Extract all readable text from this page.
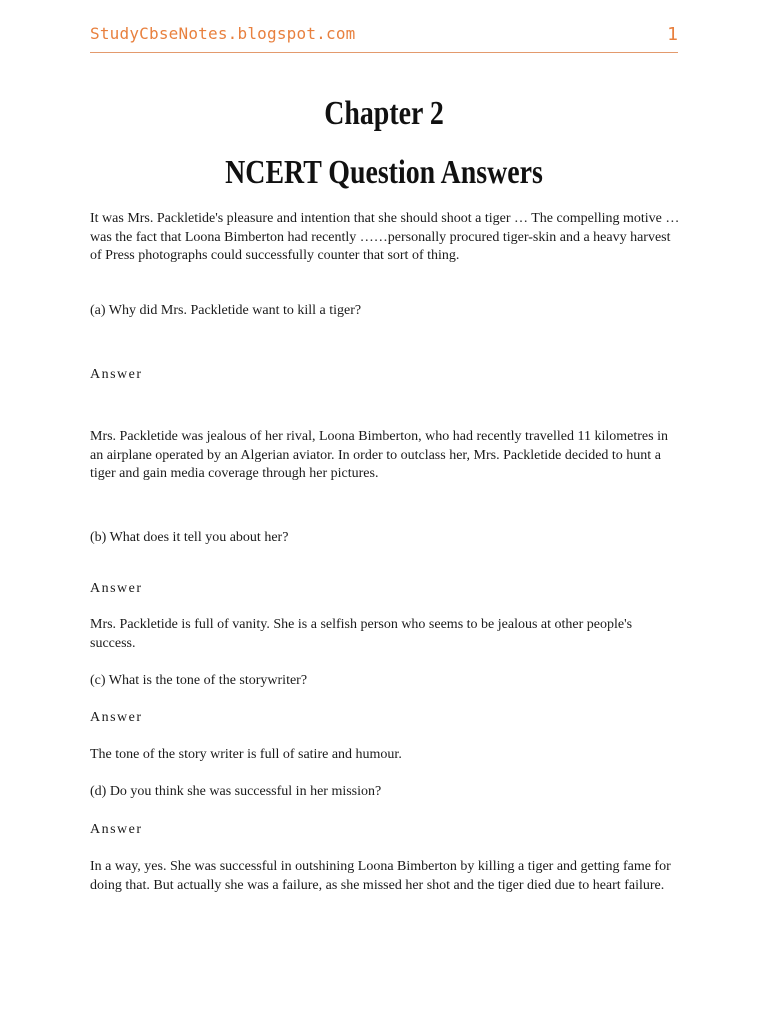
StudyCbseNotes.blogspot.com	1
Chapter 2
NCERT Question Answers

It was Mrs. Packletide's pleasure and intention that she should shoot a tiger … The compelling motive …was the fact that Loona Bimberton had recently ……personally procured tiger-skin and a heavy harvest of Press photographs could successfully counter that sort of thing.

(a) Why did Mrs. Packletide want to kill a tiger?

Answer

Mrs. Packletide was jealous of her rival, Loona Bimberton, who had recently travelled 11 kilometres in an airplane operated by an Algerian aviator. In order to outclass her, Mrs. Packletide decided to hunt a tiger and gain media coverage through her pictures.

(b) What does it tell you about her?

Answer

Mrs. Packletide is full of vanity. She is a selfish person who seems to be jealous at other people's success.

(c) What is the tone of the storywriter?

Answer

The tone of the story writer is full of satire and humour.

(d) Do you think she was successful in her mission?

Answer

In a way, yes. She was successful in outshining Loona Bimberton by killing a tiger and getting fame for doing that. But actually she was a failure, as she missed her shot and the tiger died due to heart failure.
